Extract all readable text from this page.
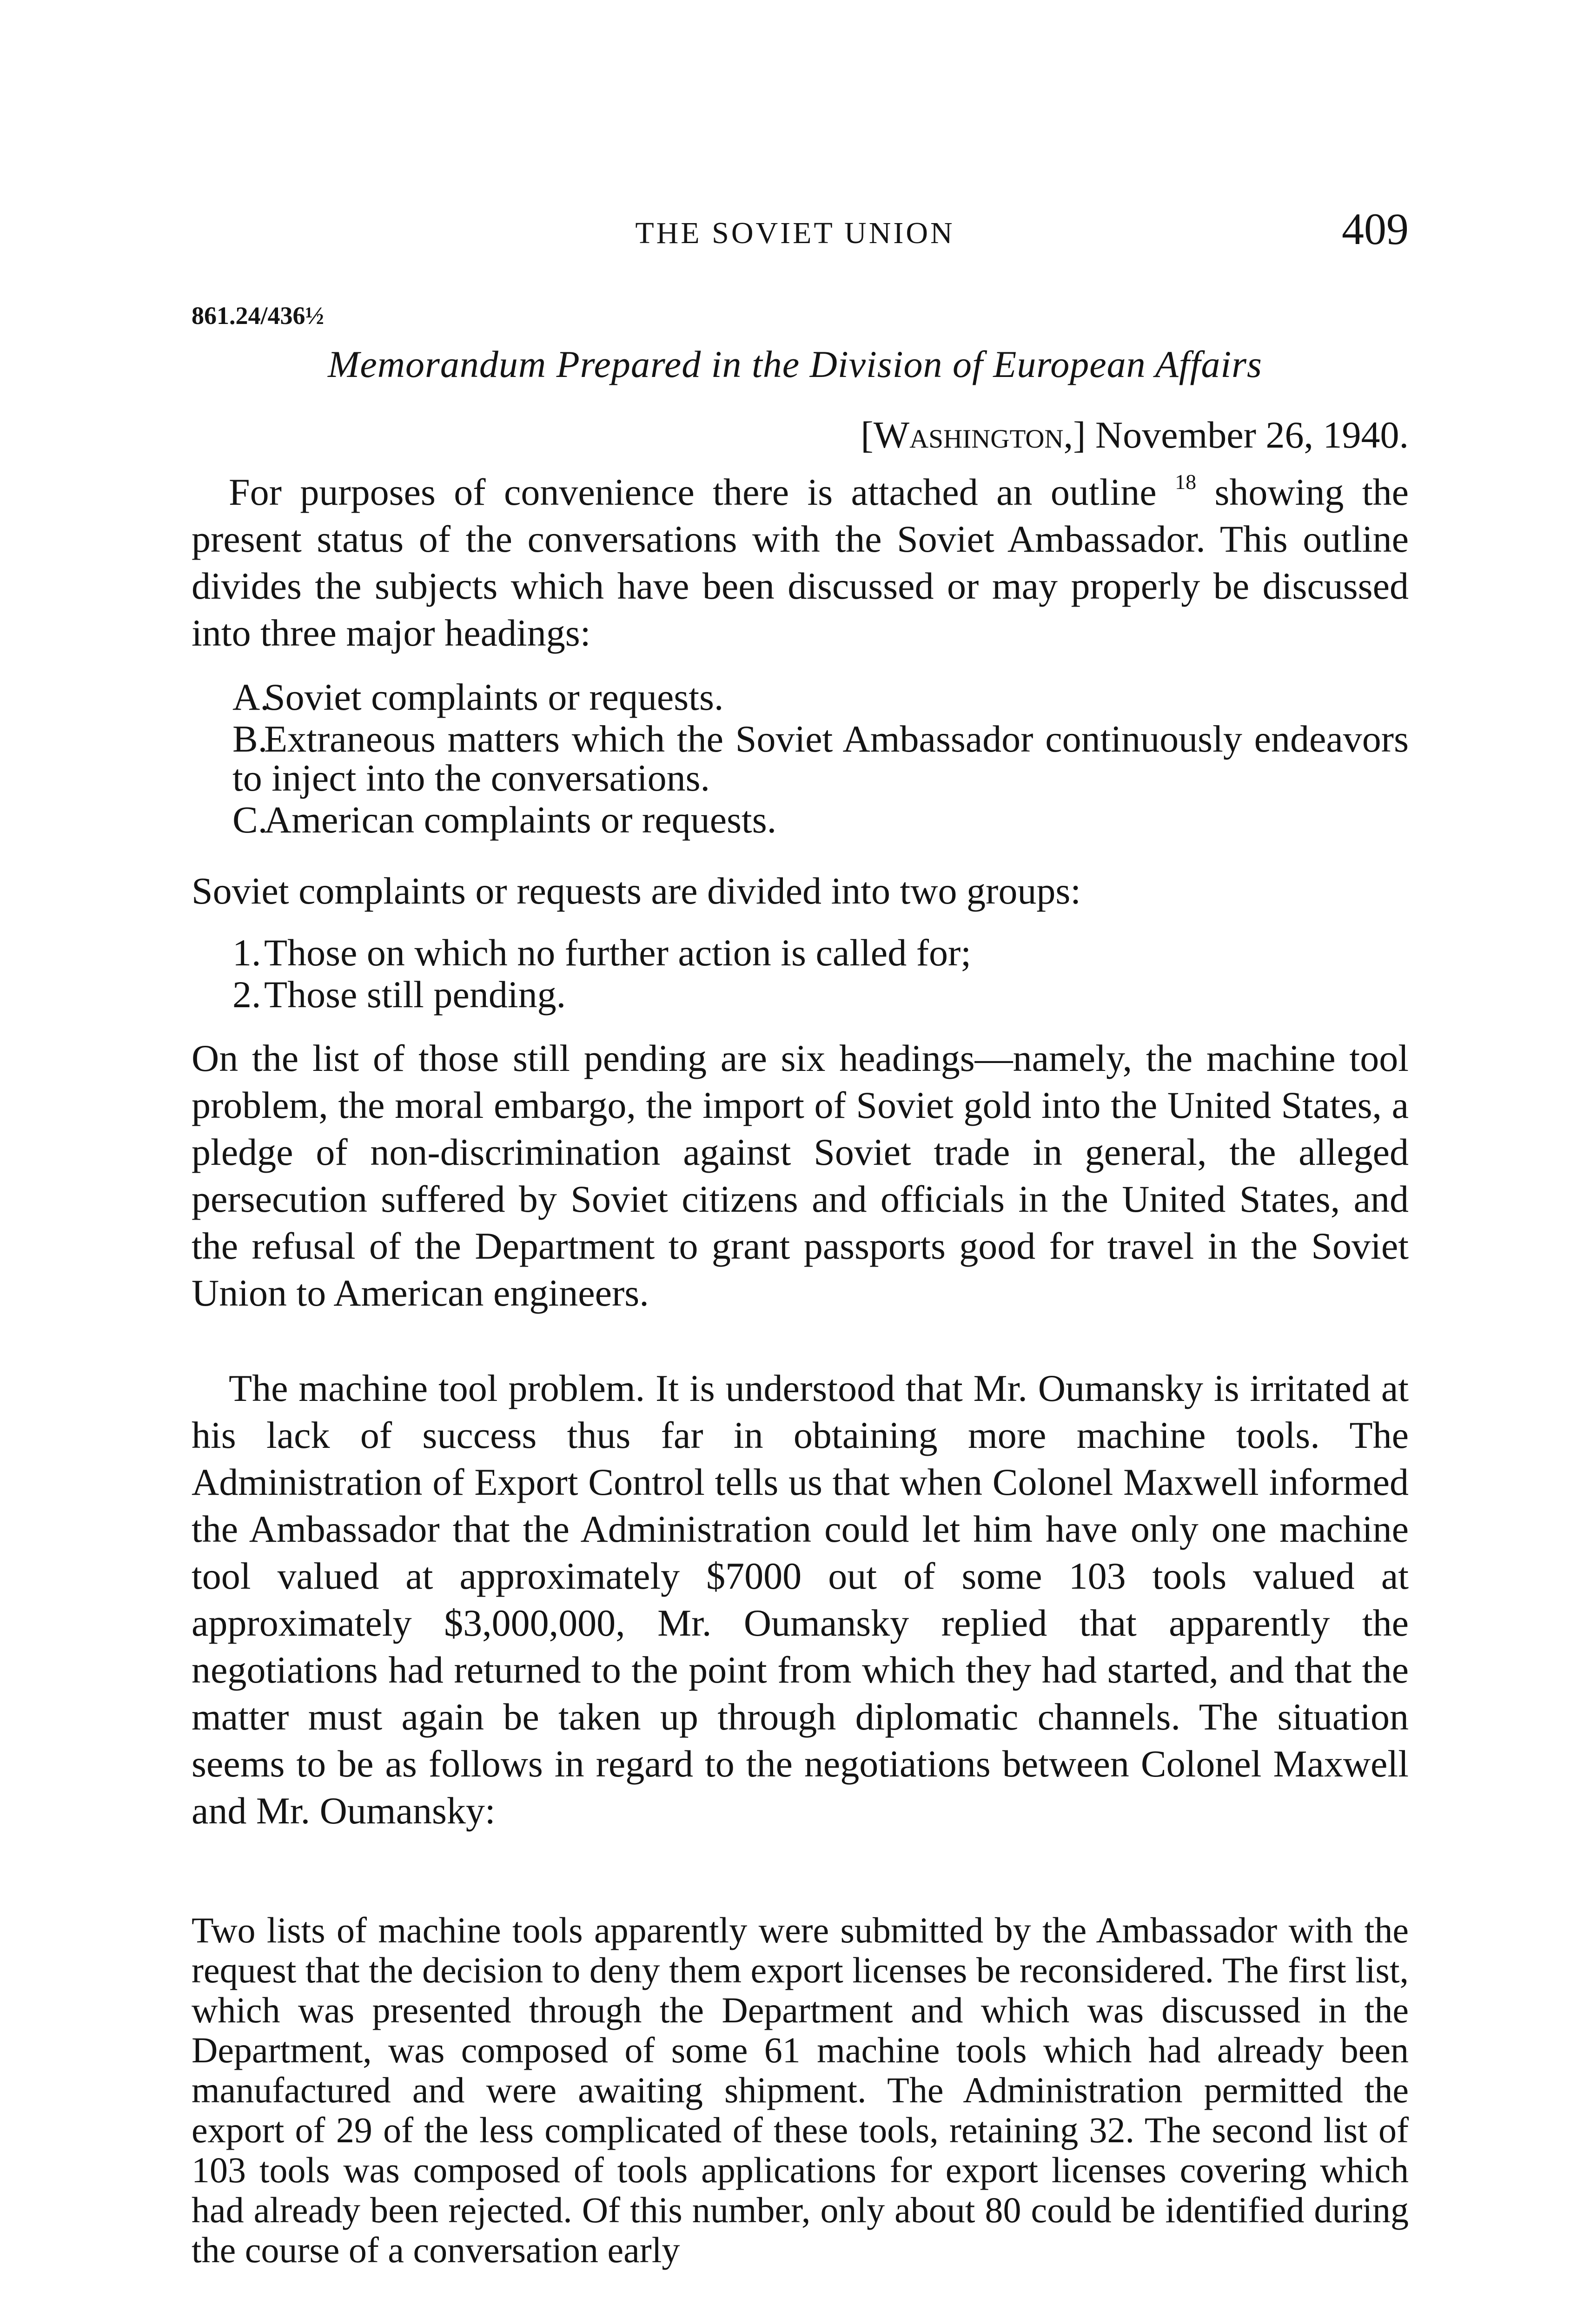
THE SOVIET UNION	409
861.24/436½
Memorandum Prepared in the Division of European Affairs
[Washington,] November 26, 1940.

For purposes of convenience there is attached an outline $^{18}$ showing the present status of the conversations with the Soviet Ambassador. This outline divides the subjects which have been discussed or may properly be discussed into three major headings:

A.Soviet complaints or requests.
B.Extraneous matters which the Soviet Ambassador continuously endeavors to inject into the conversations.
C.American complaints or requests.

Soviet complaints or requests are divided into two groups:

1.Those on which no further action is called for;
2.Those still pending.

On the list of those still pending are six headings—namely, the machine tool problem, the moral embargo, the import of Soviet gold into the United States, a pledge of non-discrimination against Soviet trade in general, the alleged persecution suffered by Soviet citizens and officials in the United States, and the refusal of the Department to grant passports good for travel in the Soviet Union to American engineers.

The machine tool problem. It is understood that Mr. Oumansky is irritated at his lack of success thus far in obtaining more machine tools. The Administration of Export Control tells us that when Colonel Maxwell informed the Ambassador that the Administration could let him have only one machine tool valued at approximately $7000 out of some 103 tools valued at approximately $3,000,000, Mr. Oumansky replied that apparently the negotiations had returned to the point from which they had started, and that the matter must again be taken up through diplomatic channels. The situation seems to be as follows in regard to the negotiations between Colonel Maxwell and Mr. Oumansky:

Two lists of machine tools apparently were submitted by the Ambassador with the request that the decision to deny them export licenses be reconsidered. The first list, which was presented through the Department and which was discussed in the Department, was composed of some 61 machine tools which had already been manufactured and were awaiting shipment. The Administration permitted the export of 29 of the less complicated of these tools, retaining 32. The second list of 103 tools was composed of tools applications for export licenses covering which had already been rejected. Of this number, only about 80 could be identified during the course of a conversation early
